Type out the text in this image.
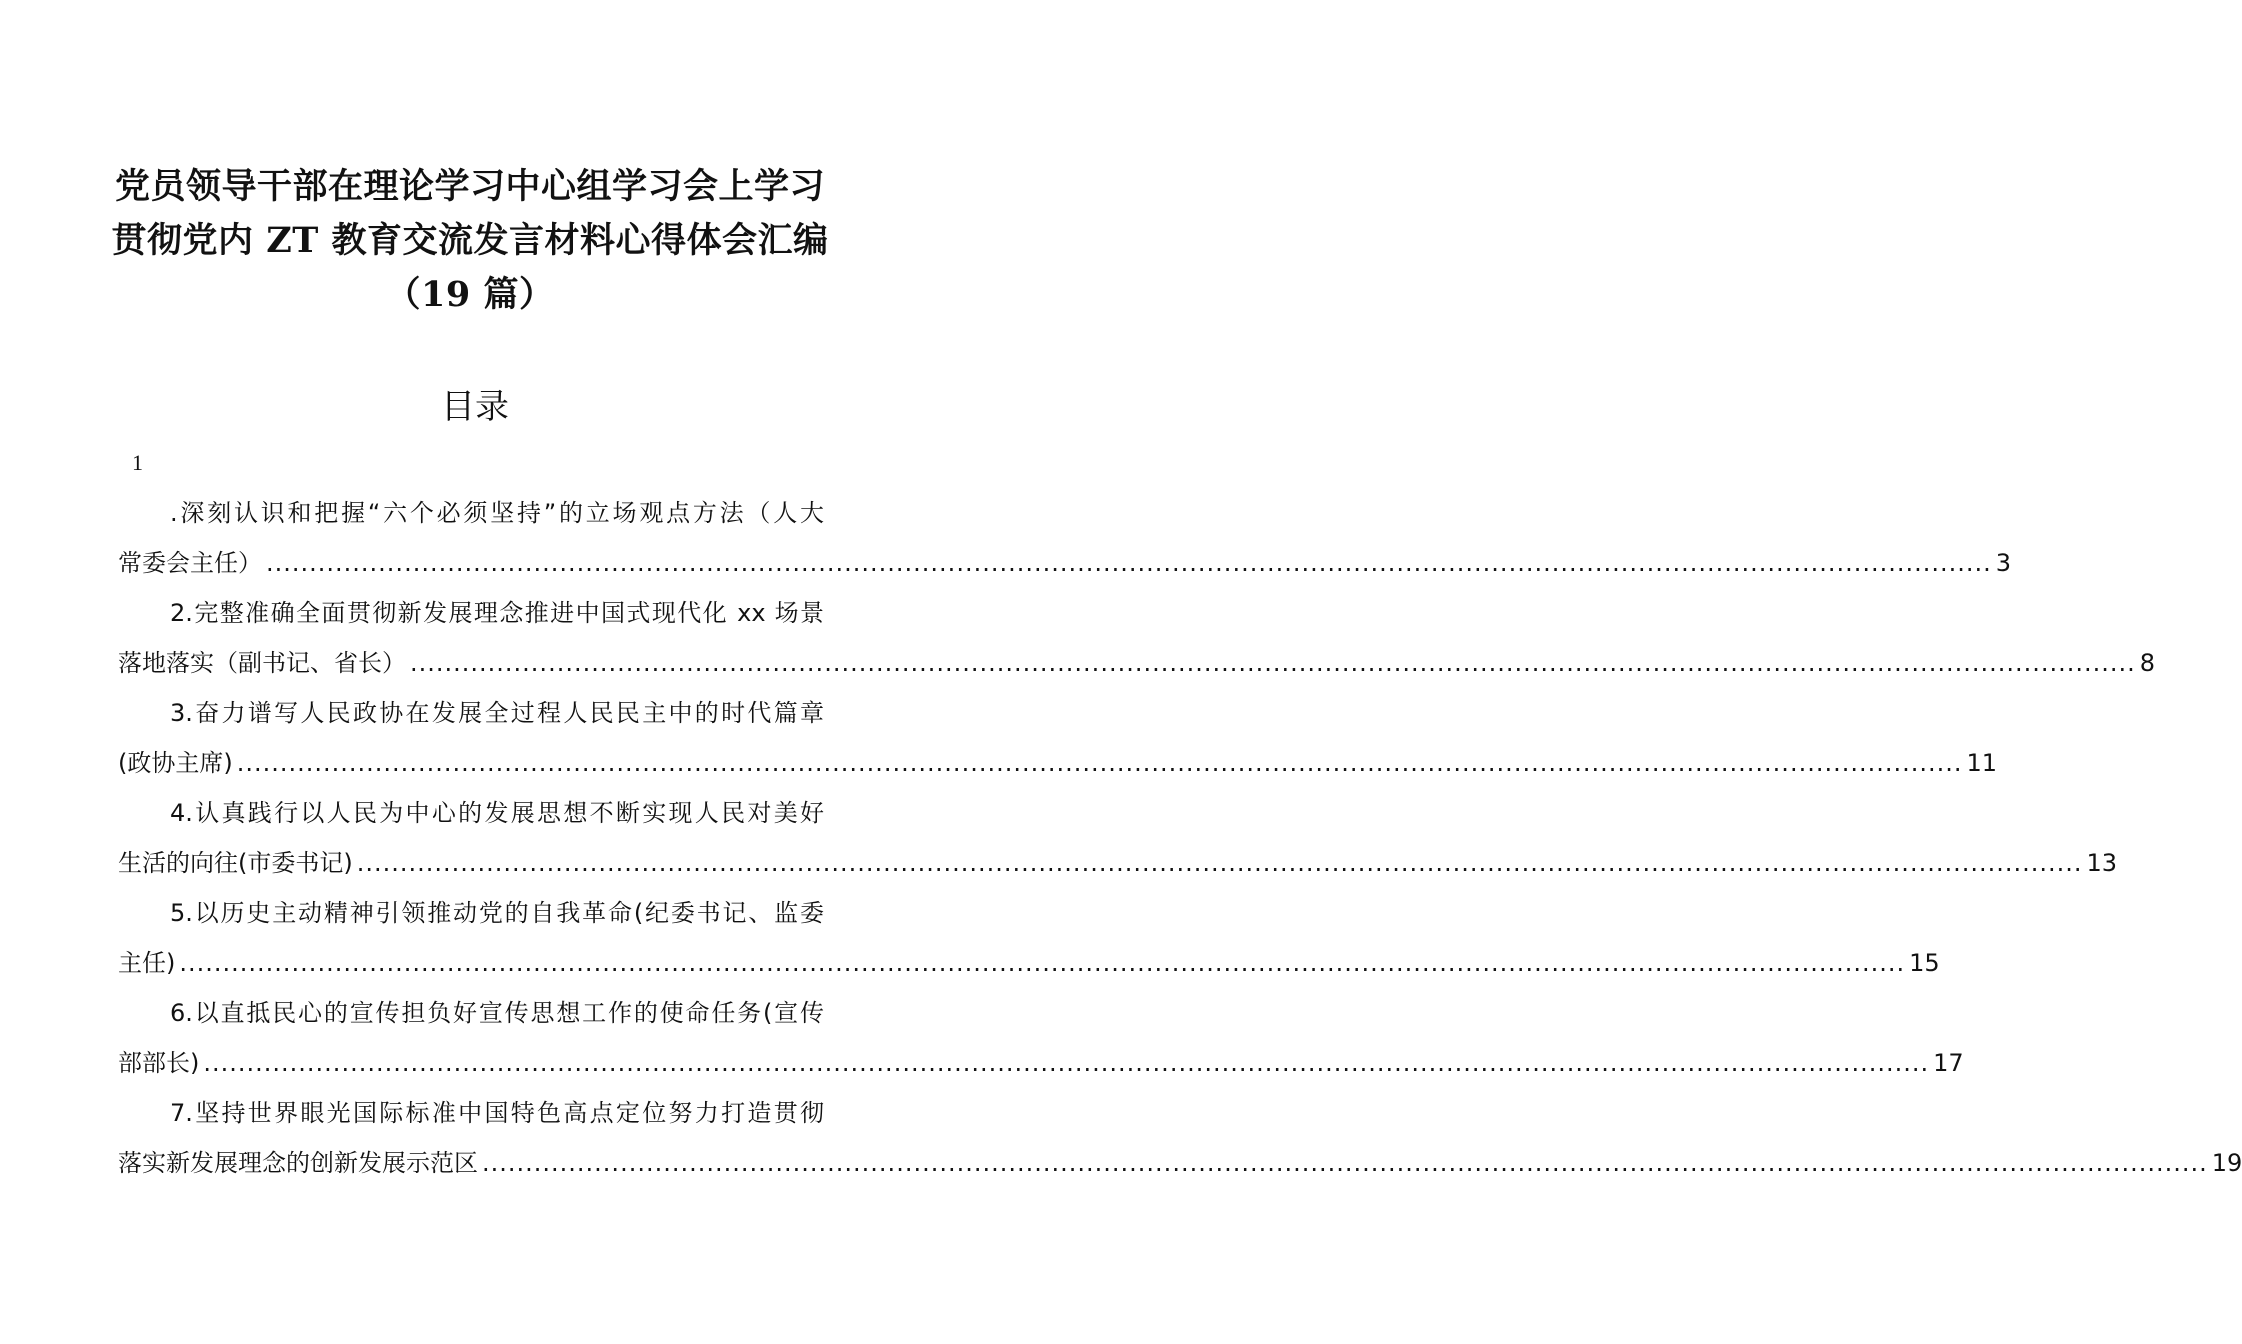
党员领导干部在理论学习中心组学习会上学习
贯彻党内 ZT 教育交流发言材料心得体会汇编
（19 篇）
目录
1
.深刻认识和把握“六个必须坚持”的立场观点方法（人大
常委会主任） ........................................................................................................................................................................................................ 3
2.完整准确全面贯彻新发展理念推进中国式现代化 xx 场景
落地落实（副书记、省长） ........................................................................................................................................................................................................ 8
3.奋力谱写人民政协在发展全过程人民民主中的时代篇章
(政协主席) ........................................................................................................................................................................................................ 11
4.认真践行以人民为中心的发展思想不断实现人民对美好
生活的向往(市委书记) ........................................................................................................................................................................................................ 13
5.以历史主动精神引领推动党的自我革命(纪委书记、监委
主任) ........................................................................................................................................................................................................ 15
6.以直抵民心的宣传担负好宣传思想工作的使命任务(宣传
部部长) ........................................................................................................................................................................................................ 17
7.坚持世界眼光国际标准中国特色高点定位努力打造贯彻
落实新发展理念的创新发展示范区 ........................................................................................................................................................................................................ 19
